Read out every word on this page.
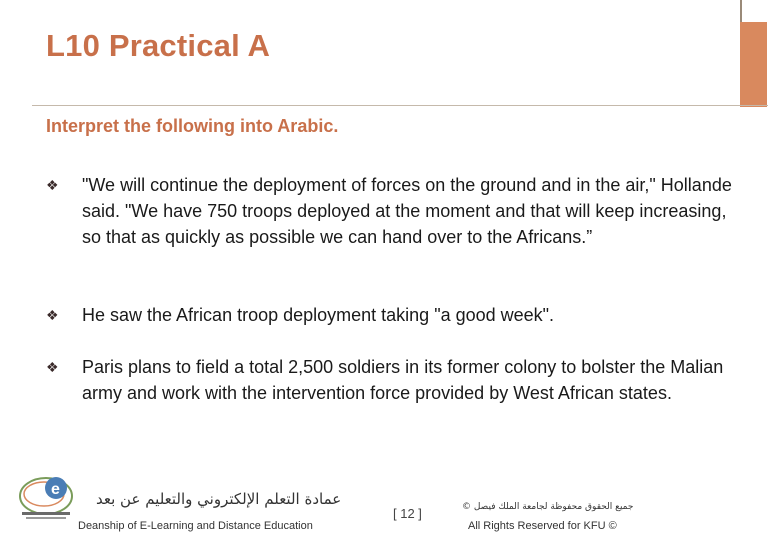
L10 Practical A
Interpret the following into Arabic.
❖	"We will continue the deployment of forces on the ground and in the air," Hollande said. "We have 750 troops deployed at the moment and that will keep increasing, so that as quickly as possible we can hand over to the Africans.”
❖	He saw the African troop deployment taking "a good week".
❖	Paris plans to field a total 2,500 soldiers in its former colony to bolster the Malian army and work with the intervention force provided by West African states.
e
عمادة التعلم الإلكتروني والتعليم عن بعد
Deanship of E-Learning and Distance Education
[ 12 ]	جميع الحقوق محفوظة لجامعة الملك فيصل ©
All Rights Reserved for KFU ©
